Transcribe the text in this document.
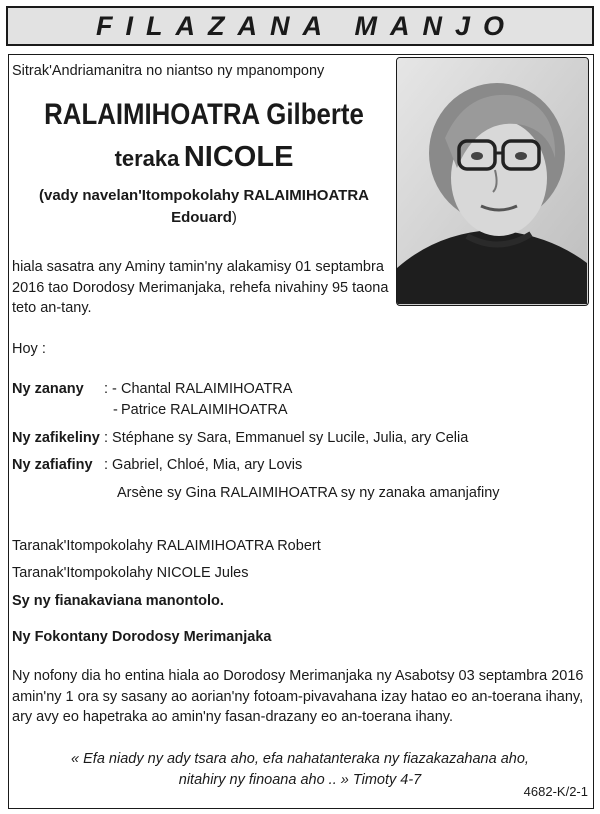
FILAZANA MANJO
Sitrak'Andriamanitra no niantso ny mpanompony
RALAIMIHOATRA Gilberte
teraka NICOLE
(vady navelan'Itompokolahy RALAIMIHOATRA Edouard)
hiala sasatra any Aminy tamin'ny alakamisy 01 septambra
2016 tao Dorodosy Merimanjaka, rehefa nivahiny 95 taona
teto an-tany.
Hoy :
Ny zanany : - Chantal RALAIMIHOATRA
- Patrice RALAIMIHOATRA
Ny zafikeliny : Stéphane sy Sara, Emmanuel sy Lucile, Julia, ary Celia
Ny zafiafiny : Gabriel, Chloé, Mia, ary Lovis
Arsène sy Gina RALAIMIHOATRA sy ny zanaka amanjafiny
Taranak'Itompokolahy RALAIMIHOATRA Robert
Taranak'Itompokolahy NICOLE Jules
Sy ny fianakaviana manontolo.
Ny Fokontany Dorodosy Merimanjaka
Ny nofony dia ho entina hiala ao Dorodosy Merimanjaka ny Asabotsy 03 septambra 2016
amin'ny 1 ora sy sasany ao aorian'ny fotoam-pivavahana izay hatao eo an-toerana ihany,
ary avy eo hapetraka ao amin'ny fasan-drazany eo an-toerana ihany.
« Efa niady ny ady tsara aho, efa nahatanteraka ny fiazakazahana aho,
nitahiry ny finoana aho .. » Timoty 4-7
4682-K/2-1
